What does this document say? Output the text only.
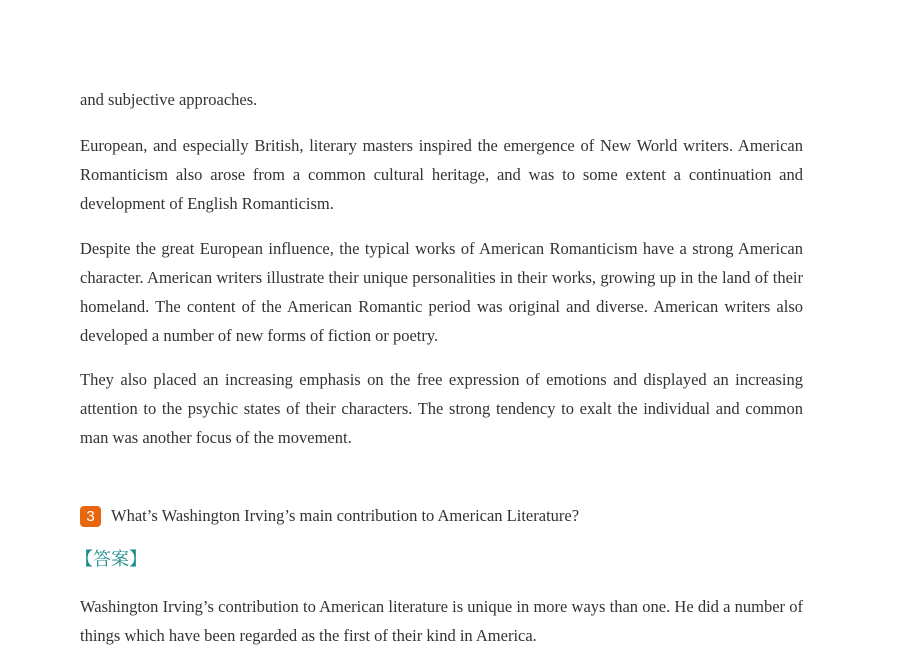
and subjective approaches.

European, and especially British, literary masters inspired the emergence of New World writers. American Romanticism also arose from a common cultural heritage, and was to some extent a continuation and development of English Romanticism.

Despite the great European influence, the typical works of American Romanticism have a strong American character. American writers illustrate their unique personalities in their works, growing up in the land of their homeland. The content of the American Romantic period was original and diverse. American writers also developed a number of new forms of fiction or poetry.

They also placed an increasing emphasis on the free expression of emotions and displayed an increasing attention to the psychic states of their characters. The strong tendency to exalt the individual and common man was another focus of the movement.

3 What’s Washington Irving’s main contribution to American Literature?
【答案】

Washington Irving’s contribution to American literature is unique in more ways than one. He did a number of things which have been regarded as the first of their kind in America.
